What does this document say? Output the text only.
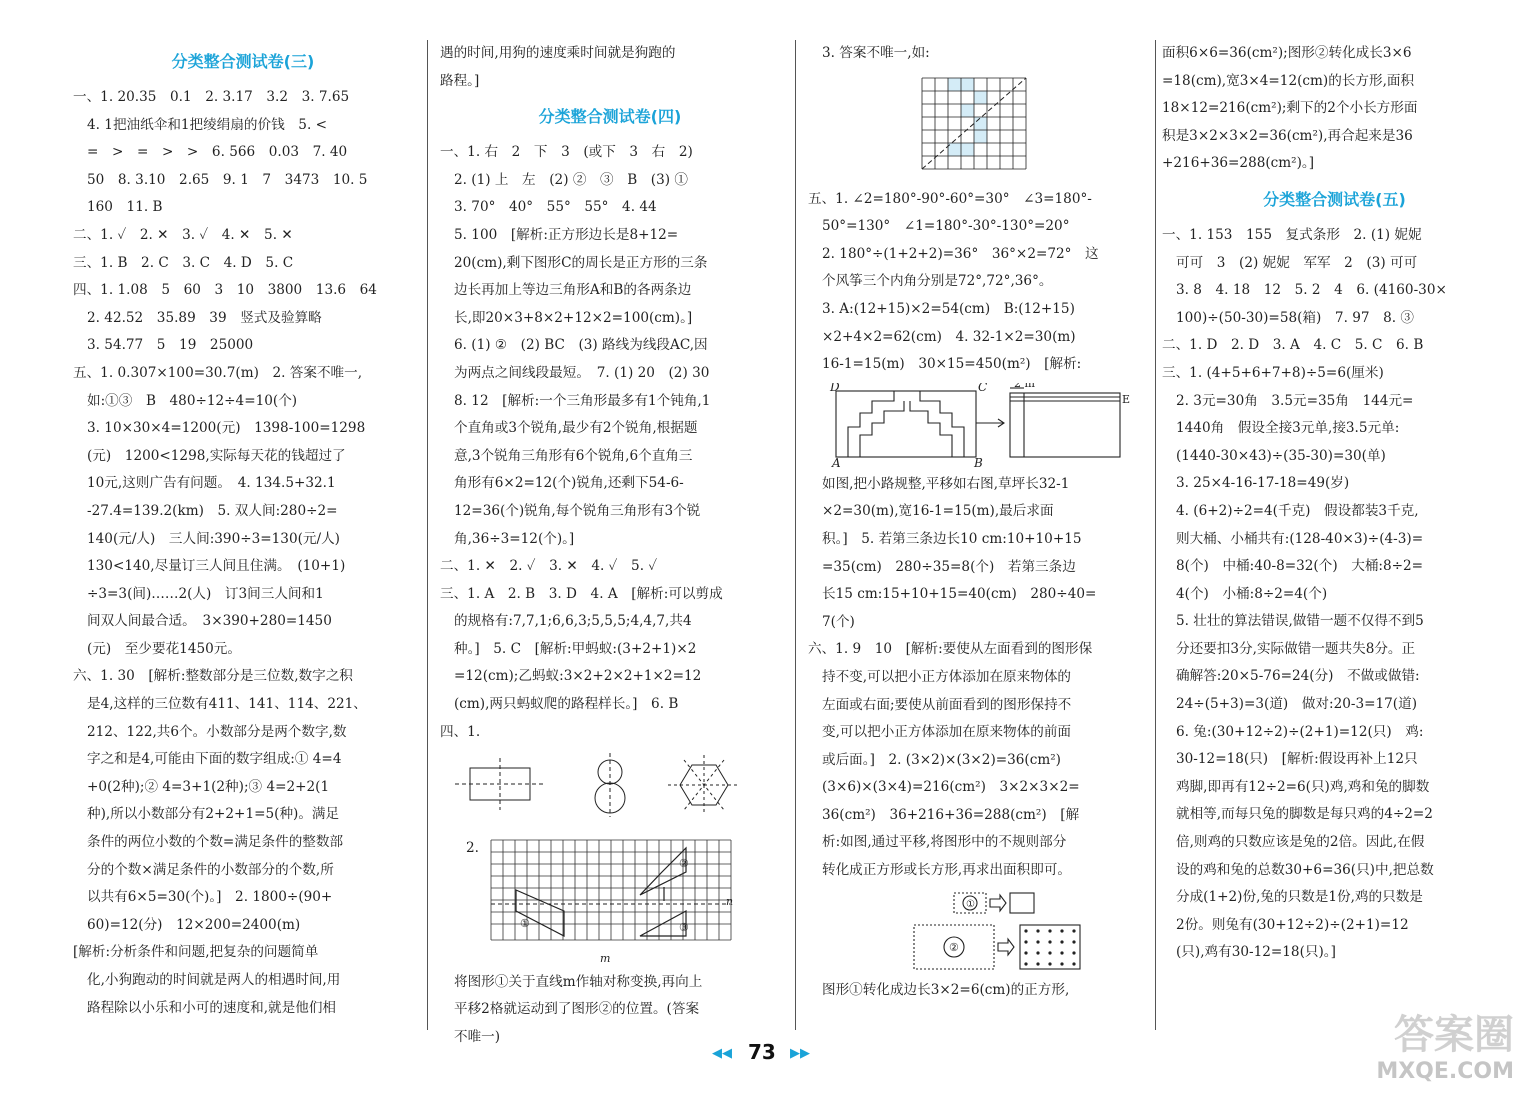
分类整合测试卷(三)
一、1. 20.35　0.1　2. 3.17　3.2　3. 7.65
4. 1把油纸伞和1把绫绢扇的价钱　5. <
=　>　=　>　>　6. 566　0.03　7. 40
50　8. 3.10　2.65　9. 1　7　3473　10. 5
160　11. B
二、1. ✓　2. ✕　3. ✓　4. ✕　5. ✕
三、1. B　2. C　3. C　4. D　5. C
四、1. 1.08　5　60　3　10　3800　13.6　64
2. 42.52　35.89　39　竖式及验算略
3. 54.77　5　19　25000
五、1. 0.307×100=30.7(m)　2. 答案不唯一,
如:①③　B　480÷12÷4=10(个)
3. 10×30×4=1200(元)　1398-100=1298
(元)　1200<1298,实际每天花的钱超过了
10元,这则广告有问题。　4. 134.5+32.1
-27.4=139.2(km)　5. 双人间:280÷2=
140(元/人)　三人间:390÷3=130(元/人)
130<140,尽量订三人间且住满。　(10+1)
÷3=3(间)……2(人)　订3间三人间和1
间双人间最合适。　3×390+280=1450
(元)　至少要花1450元。
六、1. 30　[解析:整数部分是三位数,数字之积
是4,这样的三位数有411、141、114、221、
212、122,共6个。小数部分是两个数字,数
字之和是4,可能由下面的数字组成:① 4=4
+0(2种);② 4=3+1(2种);③ 4=2+2(1
种),所以小数部分有2+2+1=5(种)。满足
条件的两位小数的个数=满足条件的整数部
分的个数×满足条件的小数部分的个数,所
以共有6×5=30(个)。]　2. 1800÷(90+
60)=12(分)　12×200=2400(m)
[解析:分析条件和问题,把复杂的问题简单
化,小狗跑动的时间就是两人的相遇时间,用
路程除以小乐和小可的速度和,就是他们相
遇的时间,用狗的速度乘时间就是狗跑的
路程。]
分类整合测试卷(四)
一、1. 右　2　下　3　(或下　3　右　2)
2. (1) 上　左　(2) ②　③　B　(3) ①
3. 70°　40°　55°　55°　4. 44
5. 100　[解析:正方形边长是8+12=
20(cm),剩下图形C的周长是正方形的三条
边长再加上等边三角形A和B的各两条边
长,即20×3+8×2+12×2=100(cm)。]
6. (1) ②　(2) BC　(3) 路线为线段AC,因
为两点之间线段最短。　7. (1) 20　(2) 30
8. 12　[解析:一个三角形最多有1个钝角,1
个直角或3个锐角,最少有2个锐角,根据题
意,3个锐角三角形有6个锐角,6个直角三
角形有6×2=12(个)锐角,还剩下54-6-
12=36(个)锐角,每个锐角三角形有3个锐
角,36÷3=12(个)。]
二、1. ✕　2. ✓　3. ✕　4. ✓　5. ✓
三、1. A　2. B　3. D　4. A　[解析:可以剪成
的规格有:7,7,1;6,6,3;5,5,5;4,4,7,共4
种。]　5. C　[解析:甲蚂蚁:(3+2+1)×2
=12(cm);乙蚂蚁:3×2+2×2+1×2=12
(cm),两只蚂蚁爬的路程样长。]　6. B
四、1.
2.
①
②
③
n
m
将图形①关于直线m作轴对称变换,再向上
平移2格就运动到了图形②的位置。(答案
不唯一)
3. 答案不唯一,如:
五、1. ∠2=180°-90°-60°=30°　∠3=180°-
50°=130°　∠1=180°-30°-130°=20°
2. 180°÷(1+2+2)=36°　36°×2=72°　这
个风筝三个内角分别是72°,72°,36°。
3. A:(12+15)×2=54(cm)　B:(12+15)
×2+4×2=62(cm)　4. 32-1×2=30(m)
16-1=15(m)　30×15=450(m²)　[解析:
D	C
A	B
2 m
E
如图,把小路规整,平移如右图,草坪长32-1
×2=30(m),宽16-1=15(m),最后求面
积。]　5. 若第三条边长10 cm:10+10+15
=35(cm)　280÷35=8(个)　若第三条边
长15 cm:15+10+15=40(cm)　280÷40=
7(个)
六、1. 9　10　[解析:要使从左面看到的图形保
持不变,可以把小正方体添加在原来物体的
左面或右面;要使从前面看到的图形保持不
变,可以把小正方体添加在原来物体的前面
或后面。]　2. (3×2)×(3×2)=36(cm²)
(3×6)×(3×4)=216(cm²)　3×2×3×2=
36(cm²)　36+216+36=288(cm²)　[解
析:如图,通过平移,将图形中的不规则部分
转化成正方形或长方形,再求出面积即可。
①
②
图形①转化成边长3×2=6(cm)的正方形,
面积6×6=36(cm²);图形②转化成长3×6
=18(cm),宽3×4=12(cm)的长方形,面积
18×12=216(cm²);剩下的2个小长方形面
积是3×2×3×2=36(cm²),再合起来是36
+216+36=288(cm²)。]
分类整合测试卷(五)
一、1. 153　155　复式条形　2. (1) 妮妮
可可　3　(2) 妮妮　军军　2　(3) 可可
3. 8　4. 18　12　5. 2　4　6. (4160-30×
100)÷(50-30)=58(箱)　7. 97　8. ③
二、1. D　2. D　3. A　4. C　5. C　6. B
三、1. (4+5+6+7+8)÷5=6(厘米)
2. 3元=30角　3.5元=35角　144元=
1440角　假设全接3元单,接3.5元单:
(1440-30×43)÷(35-30)=30(单)
3. 25×4-16-17-18=49(岁)
4. (6+2)÷2=4(千克)　假设都装3千克,
则大桶、小桶共有:(128-40×3)÷(4-3)=
8(个)　中桶:40-8=32(个)　大桶:8÷2=
4(个)　小桶:8÷2=4(个)
5. 壮壮的算法错误,做错一题不仅得不到5
分还要扣3分,实际做错一题共失8分。正
确解答:20×5-76=24(分)　不做或做错:
24÷(5+3)=3(道)　做对:20-3=17(道)
6. 兔:(30+12÷2)÷(2+1)=12(只)　鸡:
30-12=18(只)　[解析:假设再补上12只
鸡脚,即再有12÷2=6(只)鸡,鸡和兔的脚数
就相等,而每只兔的脚数是每只鸡的4÷2=2
倍,则鸡的只数应该是兔的2倍。因此,在假
设的鸡和兔的总数30+6=36(只)中,把总数
分成(1+2)份,兔的只数是1份,鸡的只数是
2份。则兔有(30+12÷2)÷(2+1)=12
(只),鸡有30-12=18(只)。]
◀◀ 73 ▶▶	答案圈
MXQE.COM
